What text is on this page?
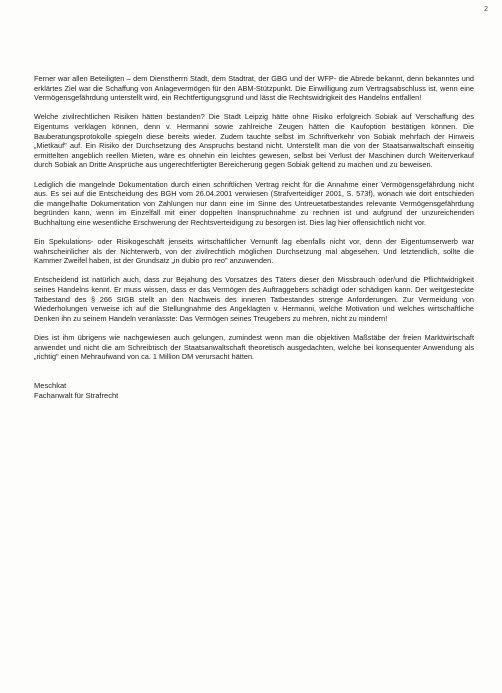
2

Ferner war allen Beteiligten – dem Dienstherrn Stadt, dem Stadtrat, der GBG und der WFP- die Abrede bekannt, denn bekanntes und erklärtes Ziel war die Schaffung von Anlagevermögen für den ABM-Stützpunkt. Die Einwilligung zum Vertragsabschluss ist, wenn eine Vermögensgefährdung unterstellt wird, ein Rechtfertigungsgrund und lässt die Rechtswidrigkeit des Handelns entfallen!

Welche zivilrechtlichen Risiken hätten bestanden? Die Stadt Leipzig hätte ohne Risiko erfolgreich Sobiak auf Verschaffung des Eigentums verklagen können, denn v. Hermanni sowie zahlreiche Zeugen hätten die Kaufoption bestätigen können. Die Bauberatungsprotokolle spiegeln diese bereits wieder. Zudem tauchte selbst im Schriftverkehr von Sobiak mehrfach der Hinweis „Mietkauf" auf. Ein Risiko der Durchsetzung des Anspruchs bestand nicht. Unterstellt man die von der Staatsanwaltschaft einseitig ermittelten angeblich reellen Mieten, wäre es ohnehin ein leichtes gewesen, selbst bei Verlust der Maschinen durch Weiterverkauf durch Sobiak an Dritte Ansprüche aus ungerechtfertigter Bereicherung gegen Sobiak geltend zu machen und zu beweisen.

Lediglich die mangelnde Dokumentation durch einen schriftlichen Vertrag reicht für die Annahme einer Vermögensgefährdung nicht aus. Es sei auf die Entscheidung des BGH vom 26.04.2001 verwiesen (Strafverteidiger 2001, S. 573f), wonach wie dort entschieden die mangelhafte Dokumentation von Zahlungen nur dann eine im Sinne des Untreuetatbestandes relevante Vermögensgefährdung begründen kann, wenn im Einzelfall mit einer doppelten Inanspruchnahme zu rechnen ist und aufgrund der unzureichenden Buchhaltung eine wesentliche Erschwerung der Rechtsverteidigung zu besorgen ist. Dies lag hier offensichtlich nicht vor.

Ein Spekulations- oder Risikogeschäft jenseits wirtschaftlicher Vernunft lag ebenfalls nicht vor, denn der Eigentumserwerb war wahrscheinlicher als der Nichterwerb, von der zivilrechtlich möglichen Durchsetzung mal abgesehen. Und letztendlich, sollte die Kammer Zweifel haben, ist der Grundsatz „in dubio pro reo" anzuwenden.

Entscheidend ist natürlich auch, dass zur Bejahung des Vorsatzes des Täters dieser den Missbrauch oder/und die Pflichtwidrigkeit seines Handelns kennt. Er muss wissen, dass er das Vermögen des Auftraggebers schädigt oder schädigen kann. Der weitgesteckte Tatbestand des § 266 StGB stellt an den Nachweis des inneren Tatbestandes strenge Anforderungen. Zur Vermeidung von Wiederholungen verweise ich auf die Stellungnahme des Angeklagten v. Hermanni, welche Motivation und welches wirtschaftliche Denken ihn zu seinem Handeln veranlasste: Das Vermögen seines Treugebers zu mehren, nicht zu mindern!

Dies ist ihm übrigens wie nachgewiesen auch gelungen, zumindest wenn man die objektiven Maßstäbe der freien Marktwirtschaft anwendet und nicht die am Schreibtisch der Staatsanwaltschaft theoretisch ausgedachten, welche bei konsequenter Anwendung als „richtig" einen Mehraufwand von ca. 1 Million DM verursacht hätten.

Meschkat
Fachanwalt für Strafrecht
